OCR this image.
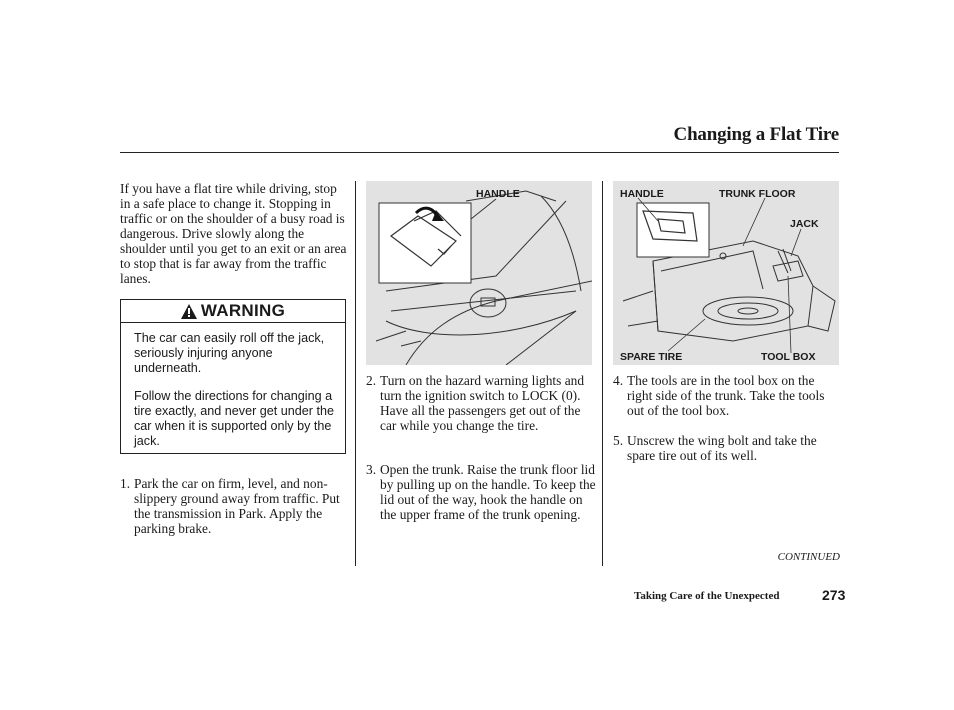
Changing a Flat Tire
If you have a flat tire while driving, stop in a safe place to change it. Stopping in traffic or on the shoulder of a busy road is dangerous. Drive slowly along the shoulder until you get to an exit or an area to stop that is far away from the traffic lanes.
WARNING

The car can easily roll off the jack, seriously injuring anyone underneath.

Follow the directions for changing a tire exactly, and never get under the car when it is supported only by the jack.

1. Park the car on firm, level, and non-slippery ground away from traffic. Put the transmission in Park. Apply the parking brake.
HANDLE
2. Turn on the hazard warning lights and turn the ignition switch to LOCK (0). Have all the passengers get out of the car while you change the tire.
3. Open the trunk. Raise the trunk floor lid by pulling up on the handle. To keep the lid out of the way, hook the handle on the upper frame of the trunk opening.
HANDLE	TRUNK FLOOR
JACK
SPARE TIRE	TOOL BOX
4. The tools are in the tool box on the right side of the trunk. Take the tools out of the tool box.
5. Unscrew the wing bolt and take the spare tire out of its well.
CONTINUED
Taking Care of the Unexpected	273
